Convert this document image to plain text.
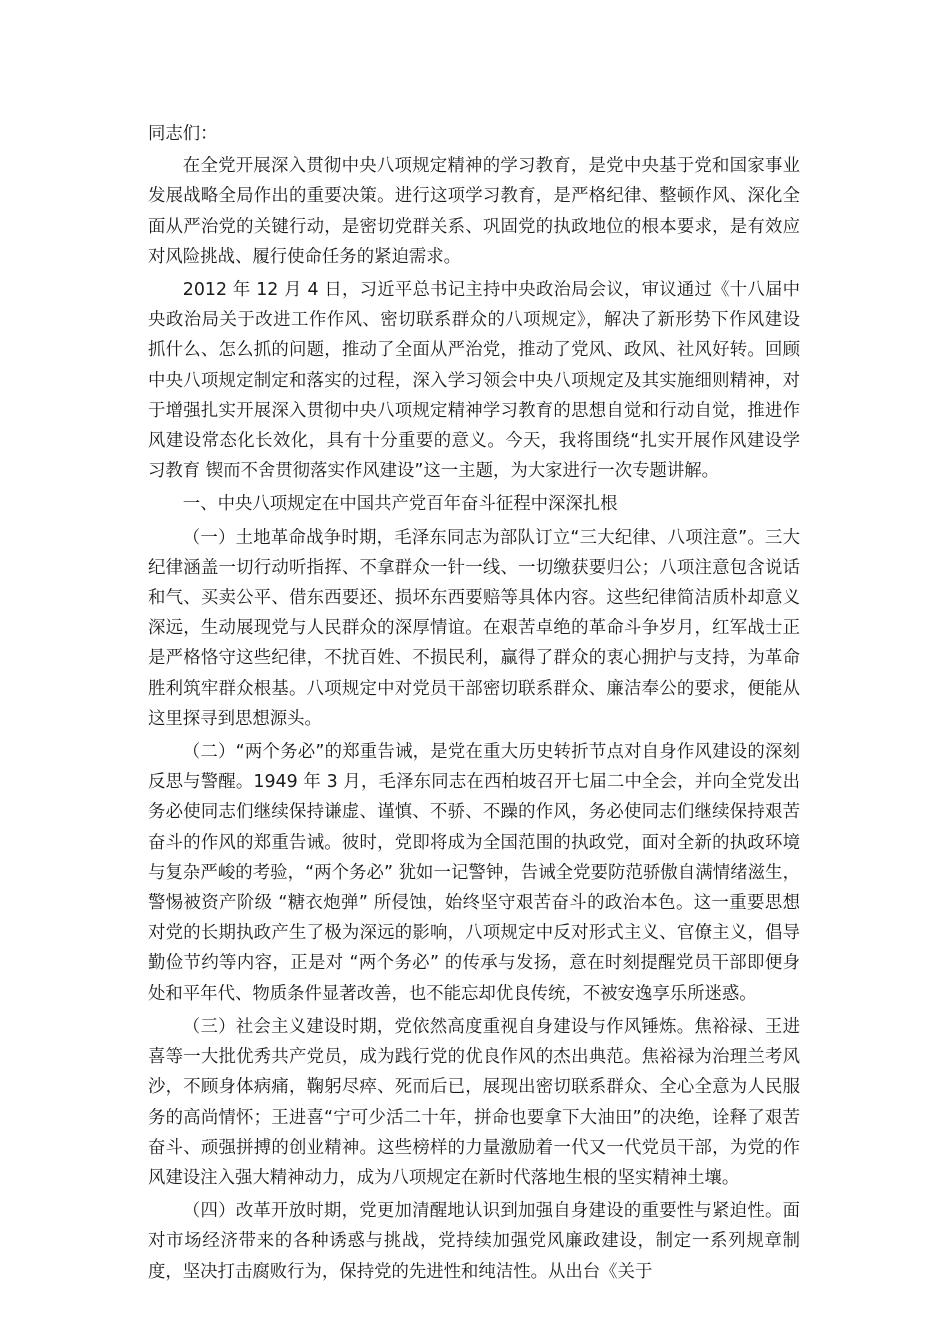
同志们：

在全党开展深入贯彻中央八项规定精神的学习教育，是党中央基于党和国家事业发展战略全局作出的重要决策。进行这项学习教育，是严格纪律、整顿作风、深化全面从严治党的关键行动，是密切党群关系、巩固党的执政地位的根本要求，是有效应对风险挑战、履行使命任务的紧迫需求。

2012 年 12 月 4 日，习近平总书记主持中央政治局会议，审议通过《十八届中央政治局关于改进工作作风、密切联系群众的八项规定》，解决了新形势下作风建设抓什么、怎么抓的问题，推动了全面从严治党，推动了党风、政风、社风好转。回顾中央八项规定制定和落实的过程，深入学习领会中央八项规定及其实施细则精神，对于增强扎实开展深入贯彻中央八项规定精神学习教育的思想自觉和行动自觉，推进作风建设常态化长效化，具有十分重要的意义。今天，我将围绕“扎实开展作风建设学习教育 锲而不舍贯彻落实作风建设”这一主题，为大家进行一次专题讲解。

一、中央八项规定在中国共产党百年奋斗征程中深深扎根

（一）土地革命战争时期，毛泽东同志为部队订立“三大纪律、八项注意”。三大纪律涵盖一切行动听指挥、不拿群众一针一线、一切缴获要归公；八项注意包含说话和气、买卖公平、借东西要还、损坏东西要赔等具体内容。这些纪律简洁质朴却意义深远，生动展现党与人民群众的深厚情谊。在艰苦卓绝的革命斗争岁月，红军战士正是严格恪守这些纪律，不扰百姓、不损民利，赢得了群众的衷心拥护与支持，为革命胜利筑牢群众根基。八项规定中对党员干部密切联系群众、廉洁奉公的要求，便能从这里探寻到思想源头。

（二）“两个务必”的郑重告诫，是党在重大历史转折节点对自身作风建设的深刻反思与警醒。1949 年 3 月，毛泽东同志在西柏坡召开七届二中全会，并向全党发出务必使同志们继续保持谦虚、谨慎、不骄、不躁的作风，务必使同志们继续保持艰苦奋斗的作风的郑重告诫。彼时，党即将成为全国范围的执政党，面对全新的执政环境与复杂严峻的考验，“两个务必” 犹如一记警钟，告诫全党要防范骄傲自满情绪滋生，警惕被资产阶级 “糖衣炮弹” 所侵蚀，始终坚守艰苦奋斗的政治本色。这一重要思想对党的长期执政产生了极为深远的影响，八项规定中反对形式主义、官僚主义，倡导勤俭节约等内容，正是对 “两个务必” 的传承与发扬，意在时刻提醒党员干部即便身处和平年代、物质条件显著改善，也不能忘却优良传统，不被安逸享乐所迷惑。

（三）社会主义建设时期，党依然高度重视自身建设与作风锤炼。焦裕禄、王进喜等一大批优秀共产党员，成为践行党的优良作风的杰出典范。焦裕禄为治理兰考风沙，不顾身体病痛，鞠躬尽瘁、死而后已，展现出密切联系群众、全心全意为人民服务的高尚情怀；王进喜“宁可少活二十年，拼命也要拿下大油田”的决绝，诠释了艰苦奋斗、顽强拼搏的创业精神。这些榜样的力量激励着一代又一代党员干部，为党的作风建设注入强大精神动力，成为八项规定在新时代落地生根的坚实精神土壤。

（四）改革开放时期，党更加清醒地认识到加强自身建设的重要性与紧迫性。面对市场经济带来的各种诱惑与挑战，党持续加强党风廉政建设，制定一系列规章制度，坚决打击腐败行为，保持党的先进性和纯洁性。从出台《关于
